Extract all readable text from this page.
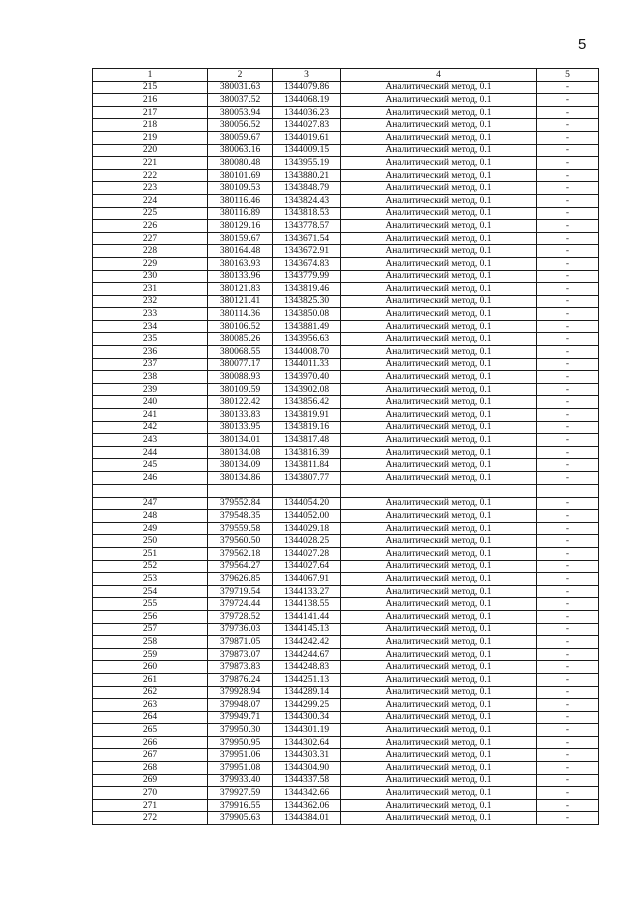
5
1	2	3	4	5
215	380031.63	1344079.86	Аналитический метод, 0.1	-
216	380037.52	1344068.19	Аналитический метод, 0.1	-
217	380053.94	1344036.23	Аналитический метод, 0.1	-
218	380056.52	1344027.83	Аналитический метод, 0.1	-
219	380059.67	1344019.61	Аналитический метод, 0.1	-
220	380063.16	1344009.15	Аналитический метод, 0.1	-
221	380080.48	1343955.19	Аналитический метод, 0.1	-
222	380101.69	1343880.21	Аналитический метод, 0.1	-
223	380109.53	1343848.79	Аналитический метод, 0.1	-
224	380116.46	1343824.43	Аналитический метод, 0.1	-
225	380116.89	1343818.53	Аналитический метод, 0.1	-
226	380129.16	1343778.57	Аналитический метод, 0.1	-
227	380159.67	1343671.54	Аналитический метод, 0.1	-
228	380164.48	1343672.91	Аналитический метод, 0.1	-
229	380163.93	1343674.83	Аналитический метод, 0.1	-
230	380133.96	1343779.99	Аналитический метод, 0.1	-
231	380121.83	1343819.46	Аналитический метод, 0.1	-
232	380121.41	1343825.30	Аналитический метод, 0.1	-
233	380114.36	1343850.08	Аналитический метод, 0.1	-
234	380106.52	1343881.49	Аналитический метод, 0.1	-
235	380085.26	1343956.63	Аналитический метод, 0.1	-
236	380068.55	1344008.70	Аналитический метод, 0.1	-
237	380077.17	1344011.33	Аналитический метод, 0.1	-
238	380088.93	1343970.40	Аналитический метод, 0.1	-
239	380109.59	1343902.08	Аналитический метод, 0.1	-
240	380122.42	1343856.42	Аналитический метод, 0.1	-
241	380133.83	1343819.91	Аналитический метод, 0.1	-
242	380133.95	1343819.16	Аналитический метод, 0.1	-
243	380134.01	1343817.48	Аналитический метод, 0.1	-
244	380134.08	1343816.39	Аналитический метод, 0.1	-
245	380134.09	1343811.84	Аналитический метод, 0.1	-
246	380134.86	1343807.77	Аналитический метод, 0.1	-

247	379552.84	1344054.20	Аналитический метод, 0.1	-
248	379548.35	1344052.00	Аналитический метод, 0.1	-
249	379559.58	1344029.18	Аналитический метод, 0.1	-
250	379560.50	1344028.25	Аналитический метод, 0.1	-
251	379562.18	1344027.28	Аналитический метод, 0.1	-
252	379564.27	1344027.64	Аналитический метод, 0.1	-
253	379626.85	1344067.91	Аналитический метод, 0.1	-
254	379719.54	1344133.27	Аналитический метод, 0.1	-
255	379724.44	1344138.55	Аналитический метод, 0.1	-
256	379728.52	1344141.44	Аналитический метод, 0.1	-
257	379736.03	1344145.13	Аналитический метод, 0.1	-
258	379871.05	1344242.42	Аналитический метод, 0.1	-
259	379873.07	1344244.67	Аналитический метод, 0.1	-
260	379873.83	1344248.83	Аналитический метод, 0.1	-
261	379876.24	1344251.13	Аналитический метод, 0.1	-
262	379928.94	1344289.14	Аналитический метод, 0.1	-
263	379948.07	1344299.25	Аналитический метод, 0.1	-
264	379949.71	1344300.34	Аналитический метод, 0.1	-
265	379950.30	1344301.19	Аналитический метод, 0.1	-
266	379950.95	1344302.64	Аналитический метод, 0.1	-
267	379951.06	1344303.31	Аналитический метод, 0.1	-
268	379951.08	1344304.90	Аналитический метод, 0.1	-
269	379933.40	1344337.58	Аналитический метод, 0.1	-
270	379927.59	1344342.66	Аналитический метод, 0.1	-
271	379916.55	1344362.06	Аналитический метод, 0.1	-
272	379905.63	1344384.01	Аналитический метод, 0.1	-
